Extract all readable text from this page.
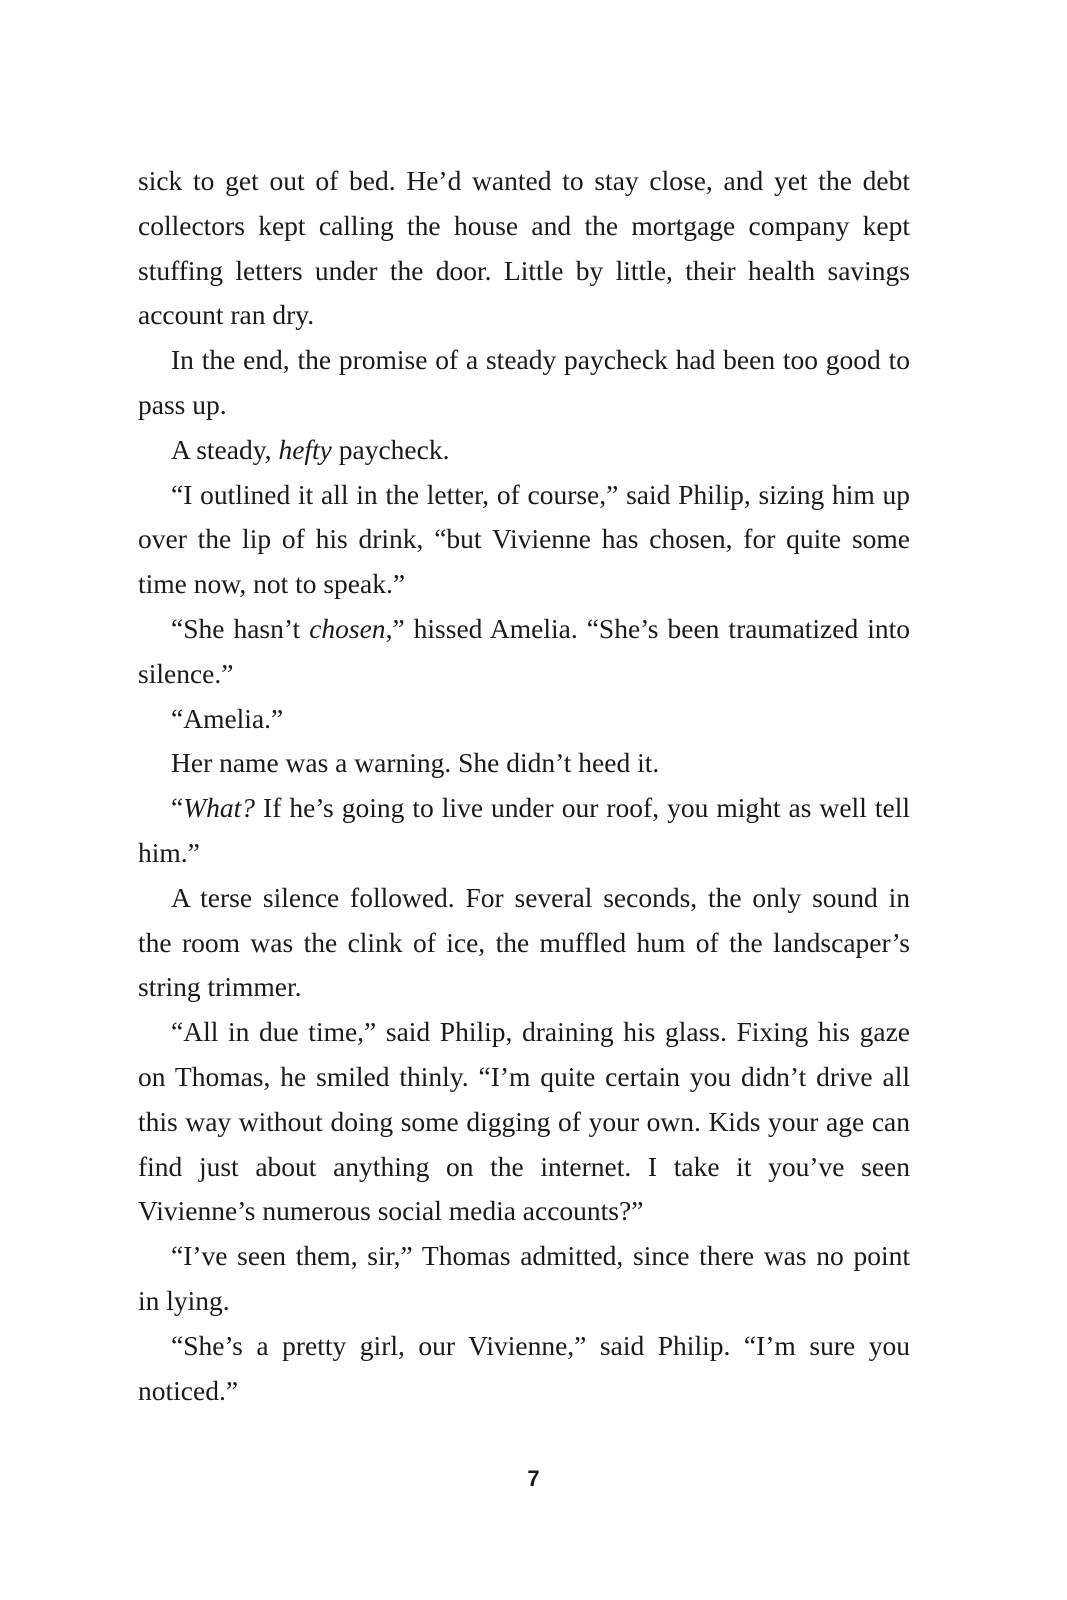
sick to get out of bed. He’d wanted to stay close, and yet the debt collectors kept calling the house and the mortgage company kept stuffing letters under the door. Little by little, their health savings account ran dry.

In the end, the promise of a steady paycheck had been too good to pass up.

A steady, hefty paycheck.

“I outlined it all in the letter, of course,” said Philip, sizing him up over the lip of his drink, “but Vivienne has chosen, for quite some time now, not to speak.”

“She hasn’t chosen,” hissed Amelia. “She’s been traumatized into silence.”

“Amelia.”

Her name was a warning. She didn’t heed it.

“What? If he’s going to live under our roof, you might as well tell him.”

A terse silence followed. For several seconds, the only sound in the room was the clink of ice, the muffled hum of the landscaper’s string trimmer.

“All in due time,” said Philip, draining his glass. Fixing his gaze on Thomas, he smiled thinly. “I’m quite certain you didn’t drive all this way without doing some digging of your own. Kids your age can find just about anything on the internet. I take it you’ve seen Vivienne’s numerous social media accounts?”

“I’ve seen them, sir,” Thomas admitted, since there was no point in lying.

“She’s a pretty girl, our Vivienne,” said Philip. “I’m sure you noticed.”

7
